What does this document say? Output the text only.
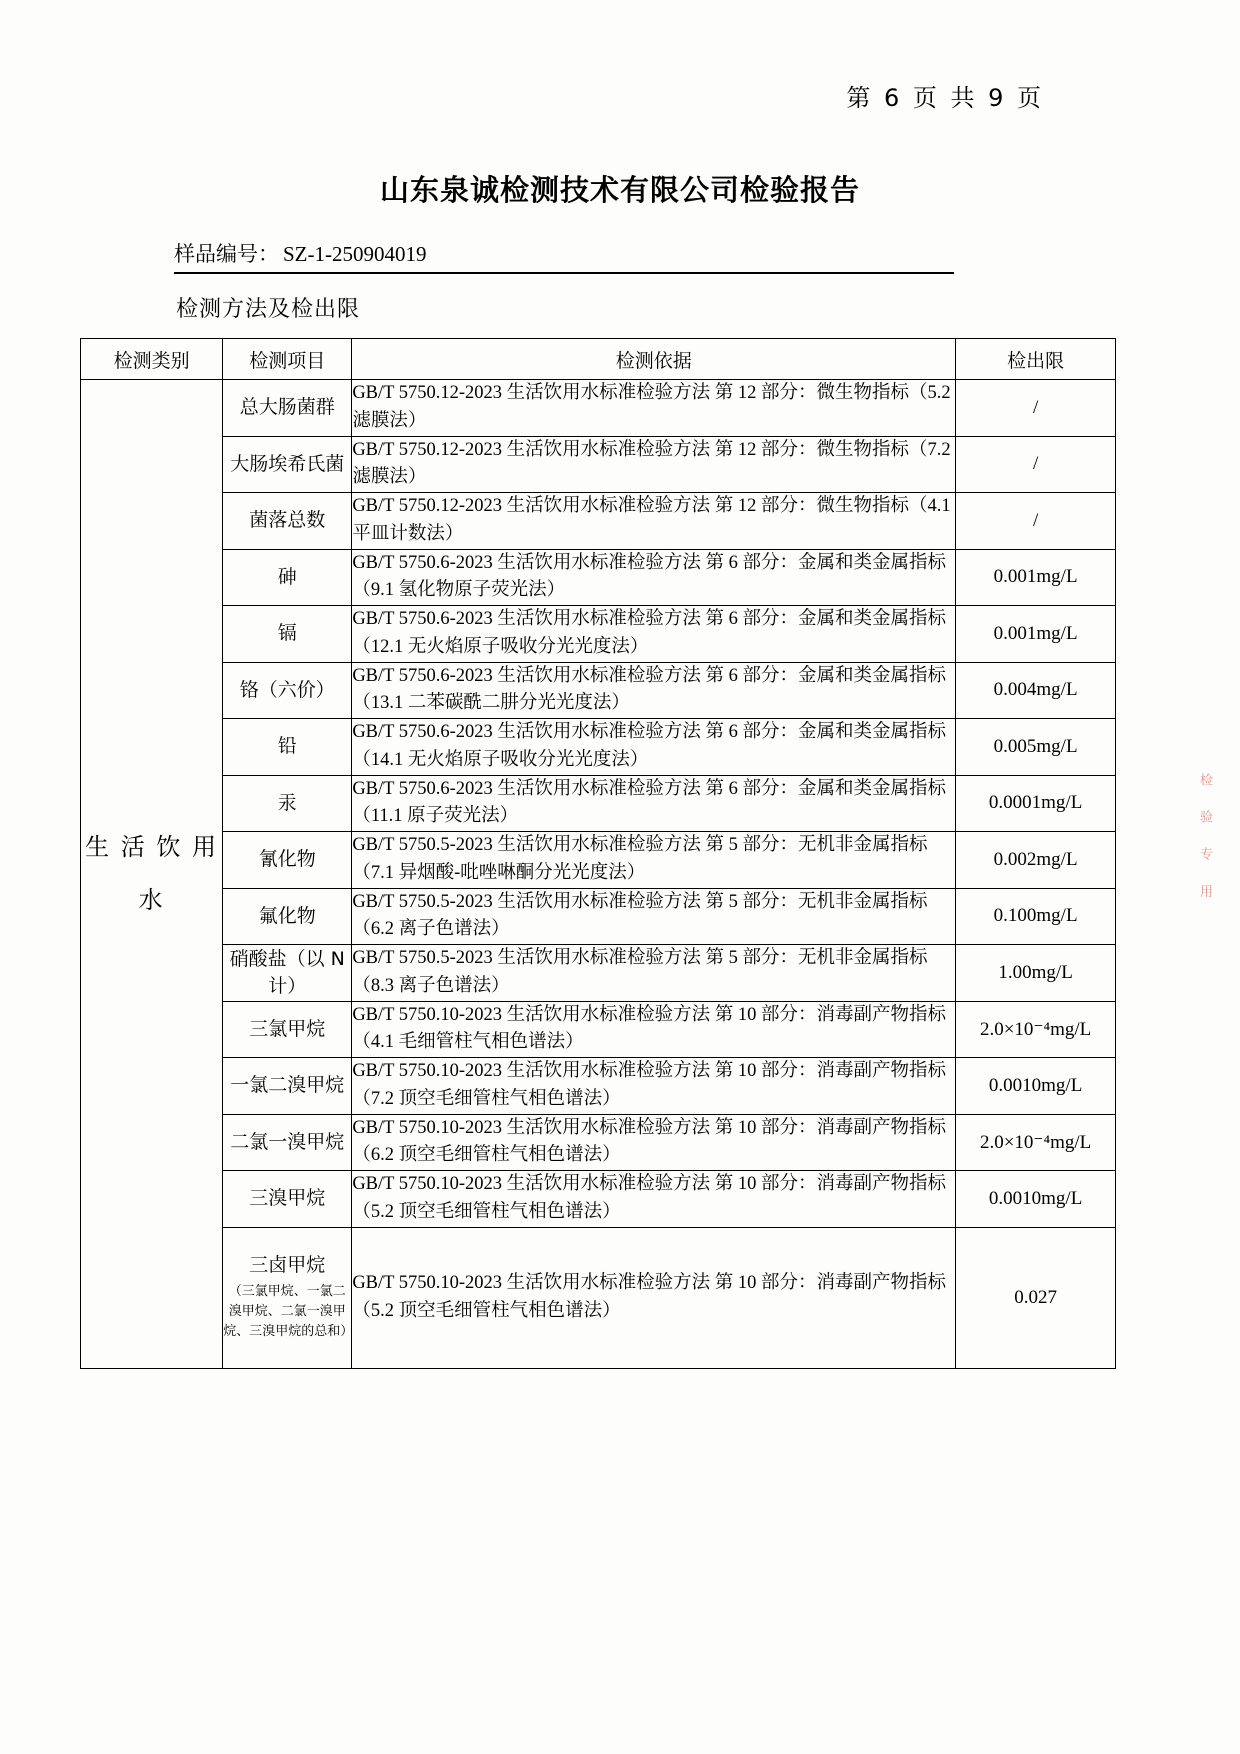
第 6 页 共 9 页
山东泉诚检测技术有限公司检验报告
样品编号： SZ-1-250904019
检测方法及检出限
检测类别	检测项目	检测依据	检出限

生 活 饮 用 水	总大肠菌群	GB/T 5750.12-2023 生活饮用水标准检验方法 第 12 部分：微生物指标（5.2 滤膜法）	/
	大肠埃希氏菌	GB/T 5750.12-2023 生活饮用水标准检验方法 第 12 部分：微生物指标（7.2 滤膜法）	/
	菌落总数	GB/T 5750.12-2023 生活饮用水标准检验方法 第 12 部分：微生物指标（4.1 平皿计数法）	/
	砷	GB/T 5750.6-2023 生活饮用水标准检验方法 第 6 部分：金属和类金属指标（9.1 氢化物原子荧光法）	0.001mg/L
	镉	GB/T 5750.6-2023 生活饮用水标准检验方法 第 6 部分：金属和类金属指标（12.1 无火焰原子吸收分光光度法）	0.001mg/L
	铬（六价）	GB/T 5750.6-2023 生活饮用水标准检验方法 第 6 部分：金属和类金属指标（13.1 二苯碳酰二肼分光光度法）	0.004mg/L
	铅	GB/T 5750.6-2023 生活饮用水标准检验方法 第 6 部分：金属和类金属指标（14.1 无火焰原子吸收分光光度法）	0.005mg/L
	汞	GB/T 5750.6-2023 生活饮用水标准检验方法 第 6 部分：金属和类金属指标（11.1 原子荧光法）	0.0001mg/L
	氰化物	GB/T 5750.5-2023 生活饮用水标准检验方法 第 5 部分：无机非金属指标（7.1 异烟酸-吡唑啉酮分光光度法）	0.002mg/L
	氟化物	GB/T 5750.5-2023 生活饮用水标准检验方法 第 5 部分：无机非金属指标（6.2 离子色谱法）	0.100mg/L
	硝酸盐（以 N 计）	GB/T 5750.5-2023 生活饮用水标准检验方法 第 5 部分：无机非金属指标（8.3 离子色谱法）	1.00mg/L
	三氯甲烷	GB/T 5750.10-2023 生活饮用水标准检验方法 第 10 部分：消毒副产物指标（4.1 毛细管柱气相色谱法）	2.0×10⁻⁴mg/L
	一氯二溴甲烷	GB/T 5750.10-2023 生活饮用水标准检验方法 第 10 部分：消毒副产物指标（7.2 顶空毛细管柱气相色谱法）	0.0010mg/L
	二氯一溴甲烷	GB/T 5750.10-2023 生活饮用水标准检验方法 第 10 部分：消毒副产物指标（6.2 顶空毛细管柱气相色谱法）	2.0×10⁻⁴mg/L
	三溴甲烷	GB/T 5750.10-2023 生活饮用水标准检验方法 第 10 部分：消毒副产物指标（5.2 顶空毛细管柱气相色谱法）	0.0010mg/L
	三卤甲烷
（三氯甲烷、一氯二溴甲烷、二氯一溴甲烷、三溴甲烷的总和）	GB/T 5750.10-2023 生活饮用水标准检验方法 第 10 部分：消毒副产物指标（5.2 顶空毛细管柱气相色谱法）	0.027
检 验 专 用
